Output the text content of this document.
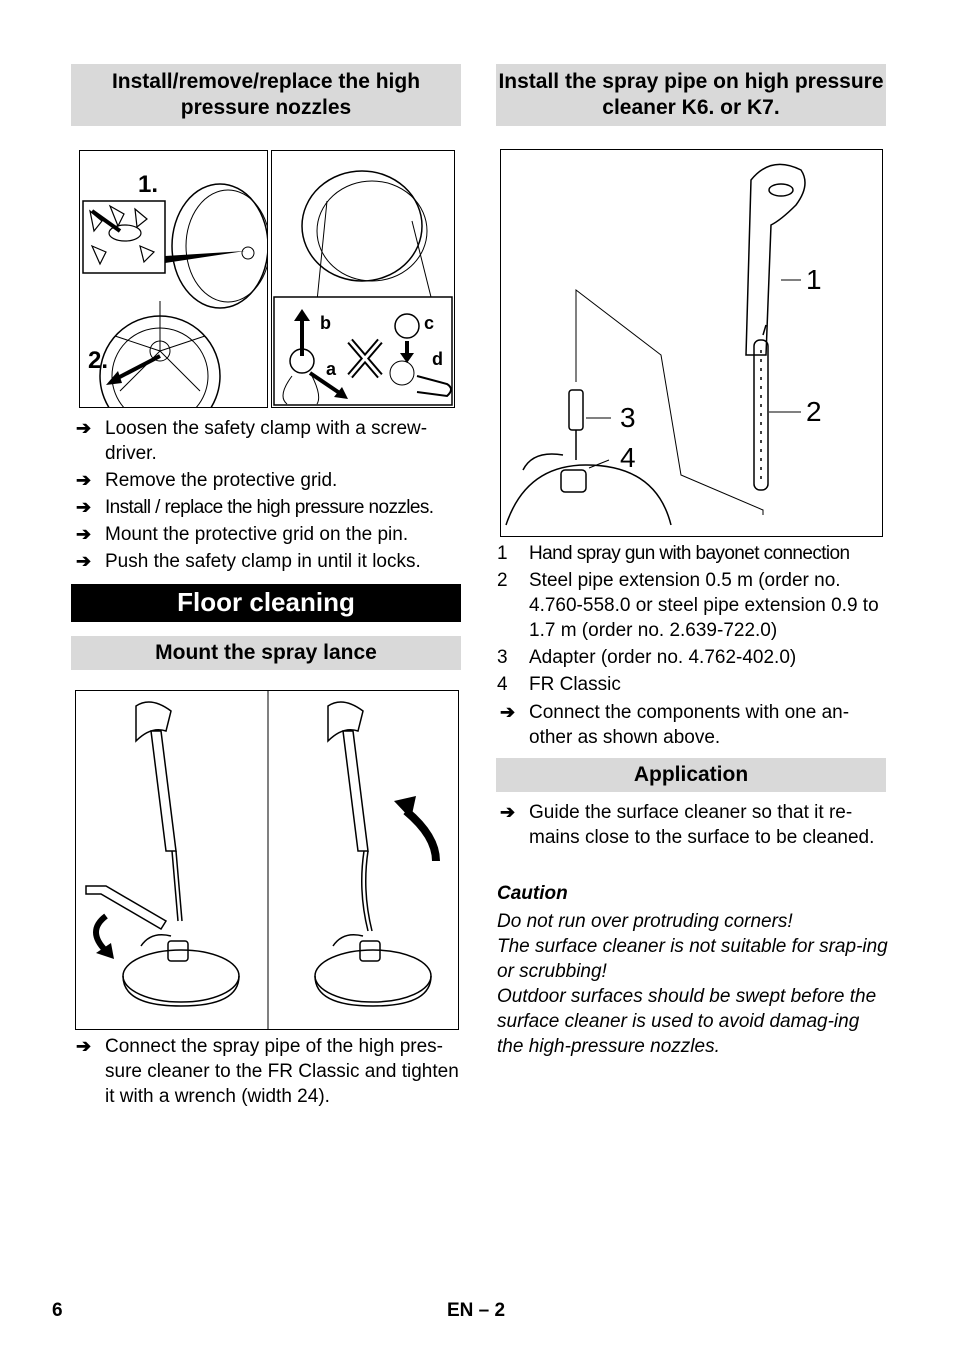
Install/remove/replace the high pressure nozzles
1.
2.
b
a
c
d
➔ Loosen the safety clamp with a screw-driver.
➔ Remove the protective grid.
➔ Install / replace the high pressure nozzles.
➔ Mount the protective grid on the pin.
➔ Push the safety clamp in until it locks.
Floor cleaning
Mount the spray lance
➔ Connect the spray pipe of the high pres-sure cleaner to the FR Classic and tighten it with a wrench (width 24).
Install the spray pipe on high pressure cleaner K6. or K7.
1
2
3
4
1 Hand spray gun with bayonet connection
2 Steel pipe extension 0.5 m (order no. 4.760-558.0 or steel pipe extension 0.9 to 1.7 m (order no. 2.639-722.0)
3 Adapter (order no. 4.762-402.0)
4 FR Classic
➔ Connect the components with one an-other as shown above.
Application
➔ Guide the surface cleaner so that it re-mains close to the surface to be cleaned.
Caution
Do not run over protruding corners!
The surface cleaner is not suitable for srap-ing or scrubbing!
Outdoor surfaces should be swept before the surface cleaner is used to avoid damag-ing the high-pressure nozzles.
6	EN – 2
